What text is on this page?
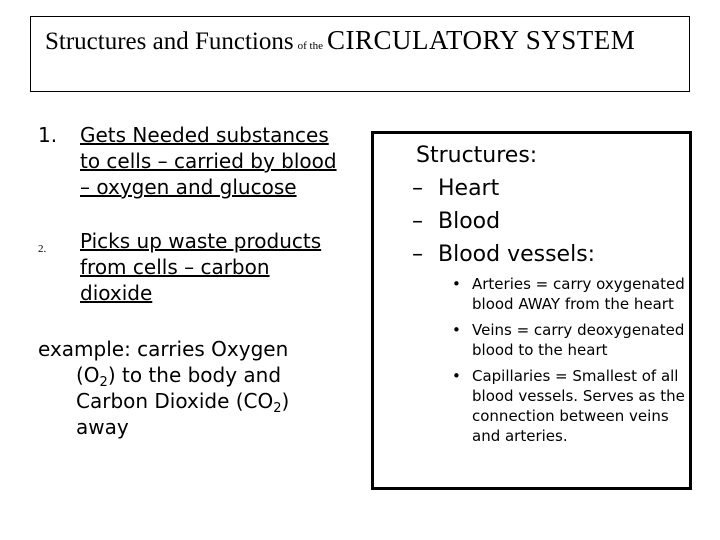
Structures and Functions of the CIRCULATORY SYSTEM
1. Gets Needed substances to cells – carried by blood – oxygen and glucose
2. Picks up waste products from cells – carbon dioxide
example: carries Oxygen
$(O_2)$ to the body and Carbon Dioxide $(CO_2)$ away
Structures:
– Heart
– Blood
– Blood vessels:
• Arteries = carry oxygenated blood AWAY from the heart
• Veins = carry deoxygenated blood to the heart
• Capillaries = Smallest of all blood vessels. Serves as the connection between veins and arteries.
